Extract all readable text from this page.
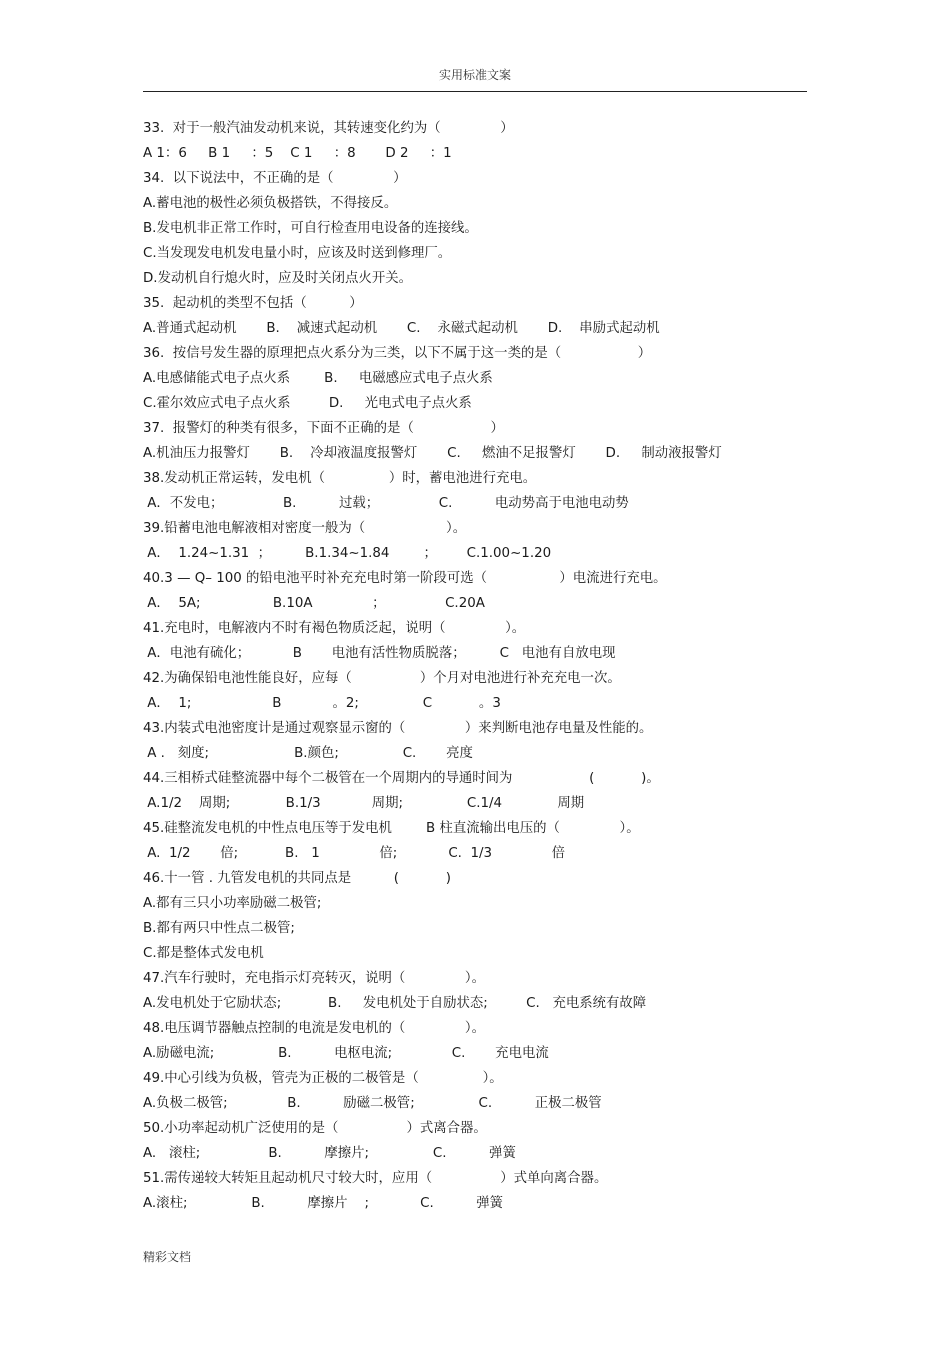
实用标准文案
33.  对于一般汽油发动机来说，其转速变化约为（              ）
A 1：6     B 1     ：5    C 1     ：8       D 2     ：1
34.  以下说法中，不正确的是（              ）
A.蓄电池的极性必须负极搭铁，不得接反。
B.发电机非正常工作时，可自行检查用电设备的连接线。
C.当发现发电机发电量小时，应该及时送到修理厂。
D.发动机自行熄火时，应及时关闭点火开关。
35.  起动机的类型不包括（          ）
A.普通式起动机       B.    减速式起动机       C.    永磁式起动机       D.    串励式起动机
36.  按信号发生器的原理把点火系分为三类，以下不属于这一类的是（                  ）
A.电感储能式电子点火系        B.     电磁感应式电子点火系
C.霍尔效应式电子点火系         D.     光电式电子点火系
37.  报警灯的种类有很多，下面不正确的是（                  ）
A.机油压力报警灯       B.    冷却液温度报警灯       C.     燃油不足报警灯       D.     制动液报警灯
38.发动机正常运转，发电机（               ）时，蓄电池进行充电。
A．不发电；              B.          过载；              C.          电动势高于电池电动势
39.铅蓄电池电解液相对密度一般为（                   ）。
A．  1.24~1.31  ；        B.1.34~1.84        ；       C.1.00~1.20
40.3 — Q– 100 的铅电池平时补充充电时第一阶段可选（                 ）电流进行充电。
A．  5A;                 B.10A              ；              C.20A
41.充电时，电解液内不时有褐色物质泛起，说明（              ）。
A．电池有硫化；          B       电池有活性物质脱落；        C   电池有自放电现
42.为确保铅电池性能良好，应每（                ）个月对电池进行补充充电一次。
A．  1;                   B            。2;               C           。3
43.内装式电池密度计是通过观察显示窗的（              ）来判断电池存电量及性能的。
A .   刻度;                    B.颜色;               C.       亮度
44.三相桥式硅整流器中每个二极管在一个周期内的导通时间为                  (           )。
A.1/2    周期;             B.1/3            周期;               C.1/4             周期
45.硅整流发电机的中性点电压等于发电机        B 柱直流输出电压的（              ）。
A.  1/2       倍;           B.   1              倍;            C.  1/3              倍
46.十一管 . 九管发电机的共同点是          (           )
A.都有三只小功率励磁二极管;
B.都有两只中性点二极管;
C.都是整体式发电机
47.汽车行驶时，充电指示灯亮转灭，说明（              ）。
A.发电机处于它励状态;           B.     发电机处于自励状态;         C.   充电系统有故障
48.电压调节器触点控制的电流是发电机的（              ）。
A.励磁电流;               B.          电枢电流;              C.       充电电流
49.中心引线为负极，管壳为正极的二极管是（               ）。
A.负极二极管;              B.          励磁二极管;               C.          正极二极管
50.小功率起动机广泛使用的是（                ）式离合器。
A.   滚柱;                B.          摩擦片;               C.          弹簧
51.需传递较大转矩且起动机尺寸较大时，应用（                ）式单向离合器。
A.滚柱;               B.          摩擦片    ;            C.          弹簧
精彩文档
